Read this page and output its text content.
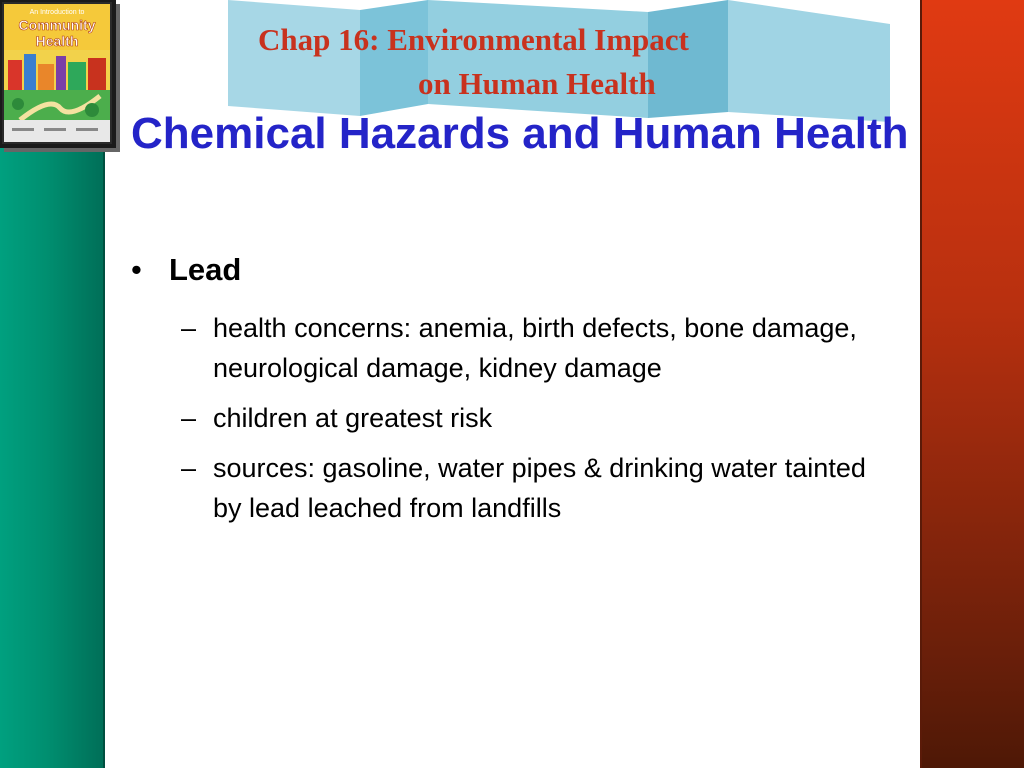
An Introduction to
Community
Health	Chap 16: Environmental Impact
on Human Health
Chemical Hazards and Human Health
• Lead
– health concerns: anemia, birth defects, bone damage, neurological damage, kidney damage
– children at greatest risk
– sources: gasoline, water pipes & drinking water tainted by lead leached from landfills
